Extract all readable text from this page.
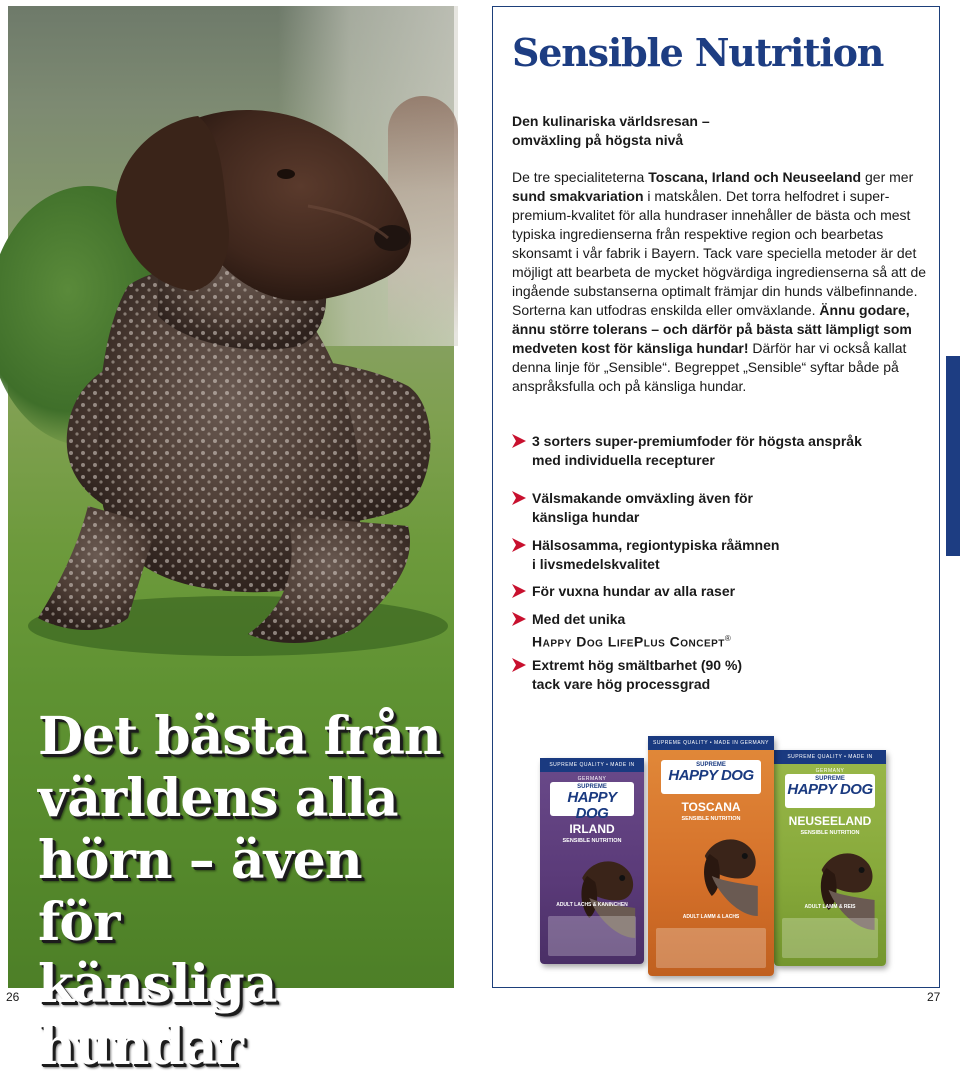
Det bästa från
världens alla
hörn – även för
känsliga hundar
26
Sensible Nutrition
Den kulinariska världsresan –
omväxling på högsta nivå

De tre specialiteterna Toscana, Irland och Neuseeland ger mer sund smakvariation i matskålen. Det torra helfodret i super-premium-kvalitet för alla hundraser innehåller de bästa och mest typiska ingredienserna från respektive region och bearbetas skonsamt i vår fabrik i Bayern. Tack vare speciella metoder är det möjligt att bearbeta de mycket högvärdiga ingredienserna så att de ingående substanserna optimalt främjar din hunds välbefinnande. Sorterna kan utfodras enskilda eller omväxlande. Ännu godare, ännu större tolerans – och därför på bästa sätt lämpligt som medveten kost för känsliga hundar! Därför har vi också kallat denna linje för „Sensible“. Begreppet „Sensible“ syftar både på anspråksfulla och på känsliga hundar.

3 sorters super-premiumfoder för högsta anspråk
med individuella recepturer
Välsmakande omväxling även för
känsliga hundar
Hälsosamma, regiontypiska råämnen
i livsmedelskvalitet
För vuxna hundar av alla raser
Med det unika
Happy Dog LifePlus Concept®
Extremt hög smältbarhet (90 %)
tack vare hög processgrad
SUPREME QUALITY • MADE IN GERMANY
SUPREME
HAPPY DOG
IRLAND
SENSIBLE NUTRITION
ADULT LACHS & KANINCHEN
SUPREME QUALITY • MADE IN GERMANY
SUPREME
HAPPY DOG
TOSCANA
SENSIBLE NUTRITION
ADULT LAMM & LACHS
SUPREME QUALITY • MADE IN GERMANY
SUPREME
HAPPY DOG
NEUSEELAND
SENSIBLE NUTRITION
ADULT LAMM & REIS
27
